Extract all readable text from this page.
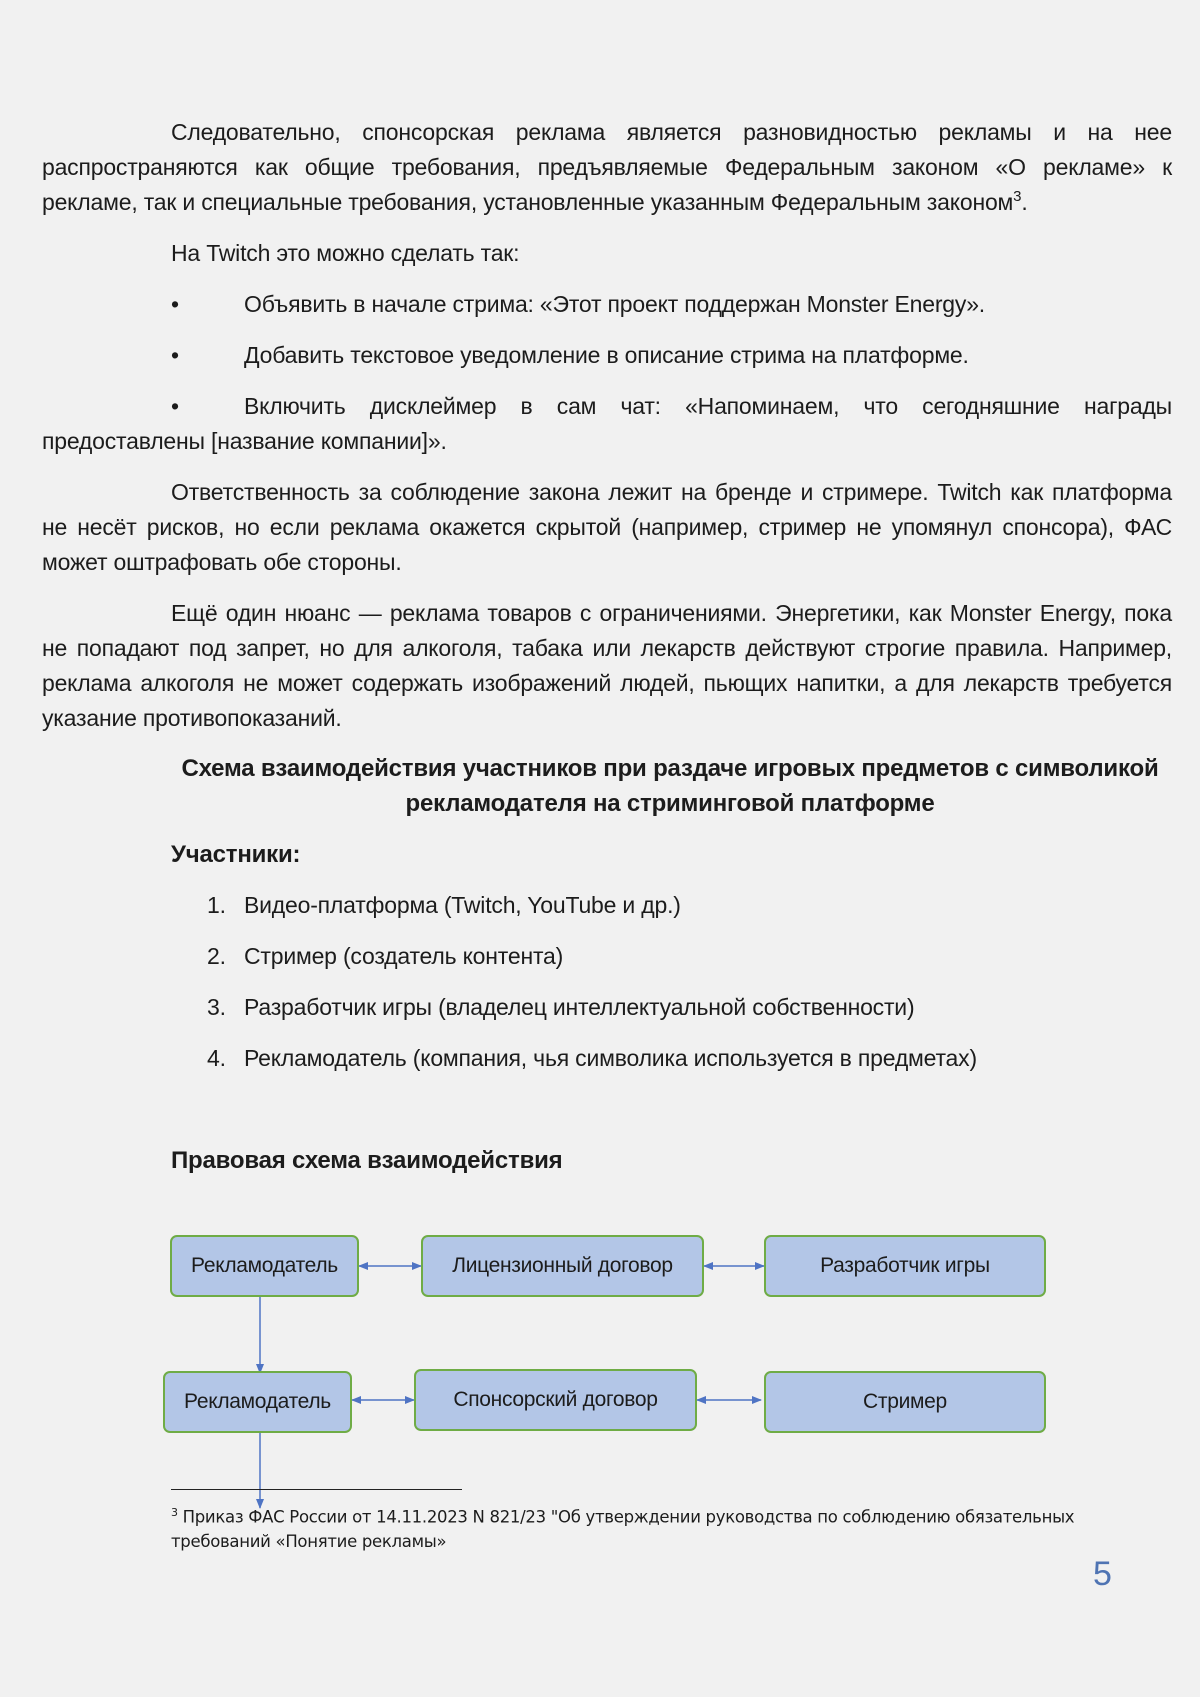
Следовательно, спонсорская реклама является разновидностью рекламы и на нее распространяются как общие требования, предъявляемые Федеральным законом «О рекламе» к рекламе, так и специальные требования, установленные указанным Федеральным законом$^3$.

На Twitch это можно сделать так:

•	Объявить в начале стрима: «Этот проект поддержан Monster Energy».

•	Добавить текстовое уведомление в описание стрима на платформе.

•	Включить дисклеймер в сам чат: «Напоминаем, что сегодняшние награды предоставлены [название компании]».

Ответственность за соблюдение закона лежит на бренде и стримере. Twitch как платформа не несёт рисков, но если реклама окажется скрытой (например, стример не упомянул спонсора), ФАС может оштрафовать обе стороны.

Ещё один нюанс — реклама товаров с ограничениями. Энергетики, как Monster Energy, пока не попадают под запрет, но для алкоголя, табака или лекарств действуют строгие правила. Например, реклама алкоголя не может содержать изображений людей, пьющих напитки, а для лекарств требуется указание противопоказаний.

Схема взаимодействия участников при раздаче игровых предметов с символикой
рекламодателя на стриминговой платформе
Участники:
1. Видео-платформа (Twitch, YouTube и др.)
2. Стример (создатель контента)
3. Разработчик игры (владелец интеллектуальной собственности)
4. Рекламодатель (компания, чья символика используется в предметах)
Правовая схема взаимодействия
Рекламодатель	Лицензионный договор	Разработчик игры
Рекламодатель	Спонсорский договор	Стример
$^3$ Приказ ФАС России от 14.11.2023 N 821/23 "Об утверждении руководства по соблюдению обязательных требований «Понятие рекламы»
5
